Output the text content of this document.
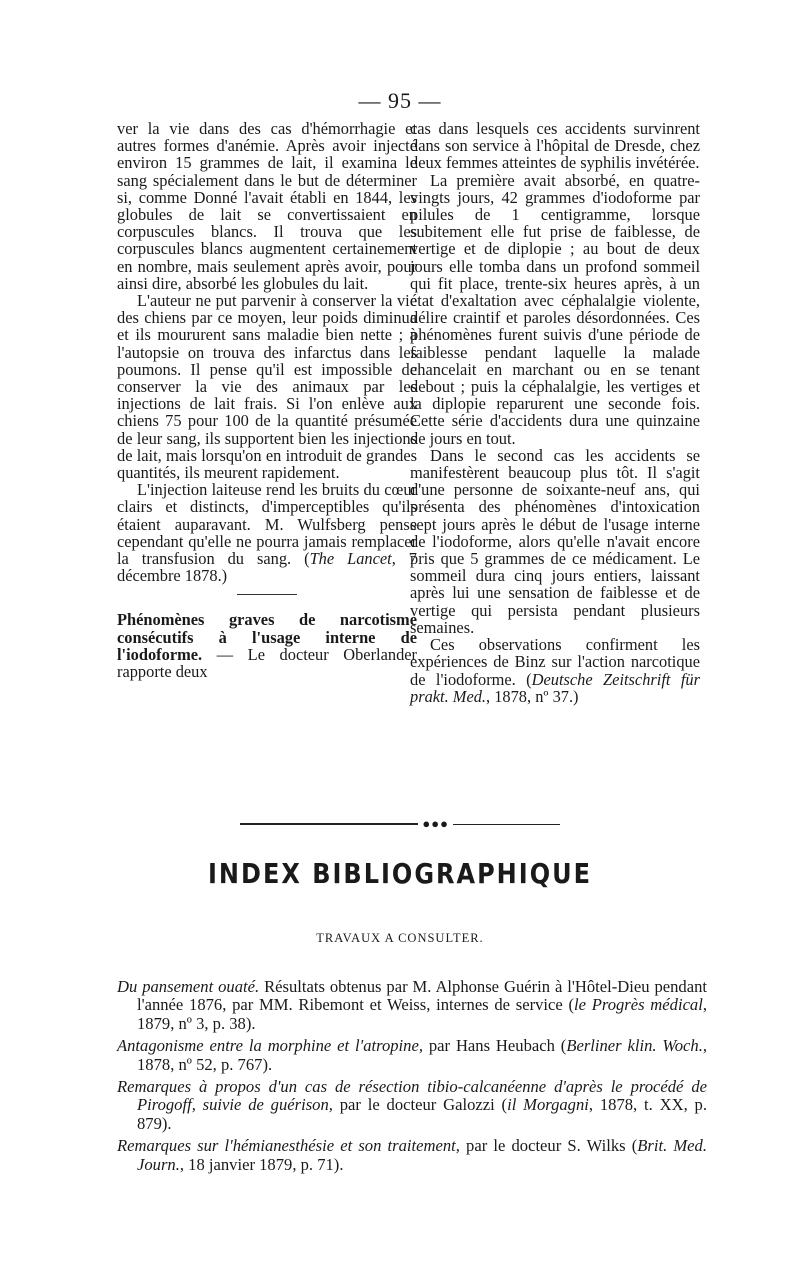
— 95 —

ver la vie dans des cas d'hémorrhagie et autres formes d'anémie. Après avoir injecté environ 15 grammes de lait, il examina le sang spécialement dans le but de déterminer si, comme Donné l'avait établi en 1844, les globules de lait se convertissaient en corpuscules blancs. Il trouva que les corpuscules blancs augmentent certainement en nombre, mais seulement après avoir, pour ainsi dire, absorbé les globules du lait.

L'auteur ne put parvenir à conserver la vie des chiens par ce moyen, leur poids diminua et ils moururent sans maladie bien nette ; à l'autopsie on trouva des infarctus dans les poumons. Il pense qu'il est impossible de conserver la vie des animaux par les injections de lait frais. Si l'on enlève aux chiens 75 pour 100 de la quantité présumée de leur sang, ils supportent bien les injections de lait, mais lorsqu'on en introduit de grandes quantités, ils meurent rapidement.

L'injection laiteuse rend les bruits du cœur clairs et distincts, d'imperceptibles qu'ils étaient auparavant. M. Wulfsberg pense cependant qu'elle ne pourra jamais remplacer la transfusion du sang. (The Lancet, 7 décembre 1878.)

Phénomènes graves de narcotisme consécutifs à l'usage interne de l'iodoforme. — Le docteur Oberlander rapporte deux

cas dans lesquels ces accidents survinrent dans son service à l'hôpital de Dresde, chez deux femmes atteintes de syphilis invétérée.

La première avait absorbé, en quatre-vingts jours, 42 grammes d'iodoforme par pilules de 1 centigramme, lorsque subitement elle fut prise de faiblesse, de vertige et de diplopie ; au bout de deux jours elle tomba dans un profond sommeil qui fit place, trente-six heures après, à un état d'exaltation avec céphalalgie violente, délire craintif et paroles désordonnées. Ces phénomènes furent suivis d'une période de faiblesse pendant laquelle la malade chancelait en marchant ou en se tenant debout ; puis la céphalalgie, les vertiges et la diplopie reparurent une seconde fois. Cette série d'accidents dura une quinzaine de jours en tout.

Dans le second cas les accidents se manifestèrent beaucoup plus tôt. Il s'agit d'une personne de soixante-neuf ans, qui présenta des phénomènes d'intoxication sept jours après le début de l'usage interne de l'iodoforme, alors qu'elle n'avait encore pris que 5 grammes de ce médicament. Le sommeil dura cinq jours entiers, laissant après lui une sensation de faiblesse et de vertige qui persista pendant plusieurs semaines.

Ces observations confirment les expériences de Binz sur l'action narcotique de l'iodoforme. (Deutsche Zeitschrift für prakt. Med., 1878, nº 37.)

●●●
INDEX BIBLIOGRAPHIQUE
TRAVAUX A CONSULTER.

Du pansement ouaté. Résultats obtenus par M. Alphonse Guérin à l'Hôtel-Dieu pendant l'année 1876, par MM. Ribemont et Weiss, internes de service (le Progrès médical, 1879, nº 3, p. 38).

Antagonisme entre la morphine et l'atropine, par Hans Heubach (Berliner klin. Woch., 1878, nº 52, p. 767).

Remarques à propos d'un cas de résection tibio-calcanéenne d'après le procédé de Pirogoff, suivie de guérison, par le docteur Galozzi (il Morgagni, 1878, t. XX, p. 879).

Remarques sur l'hémianesthésie et son traitement, par le docteur S. Wilks (Brit. Med. Journ., 18 janvier 1879, p. 71).
